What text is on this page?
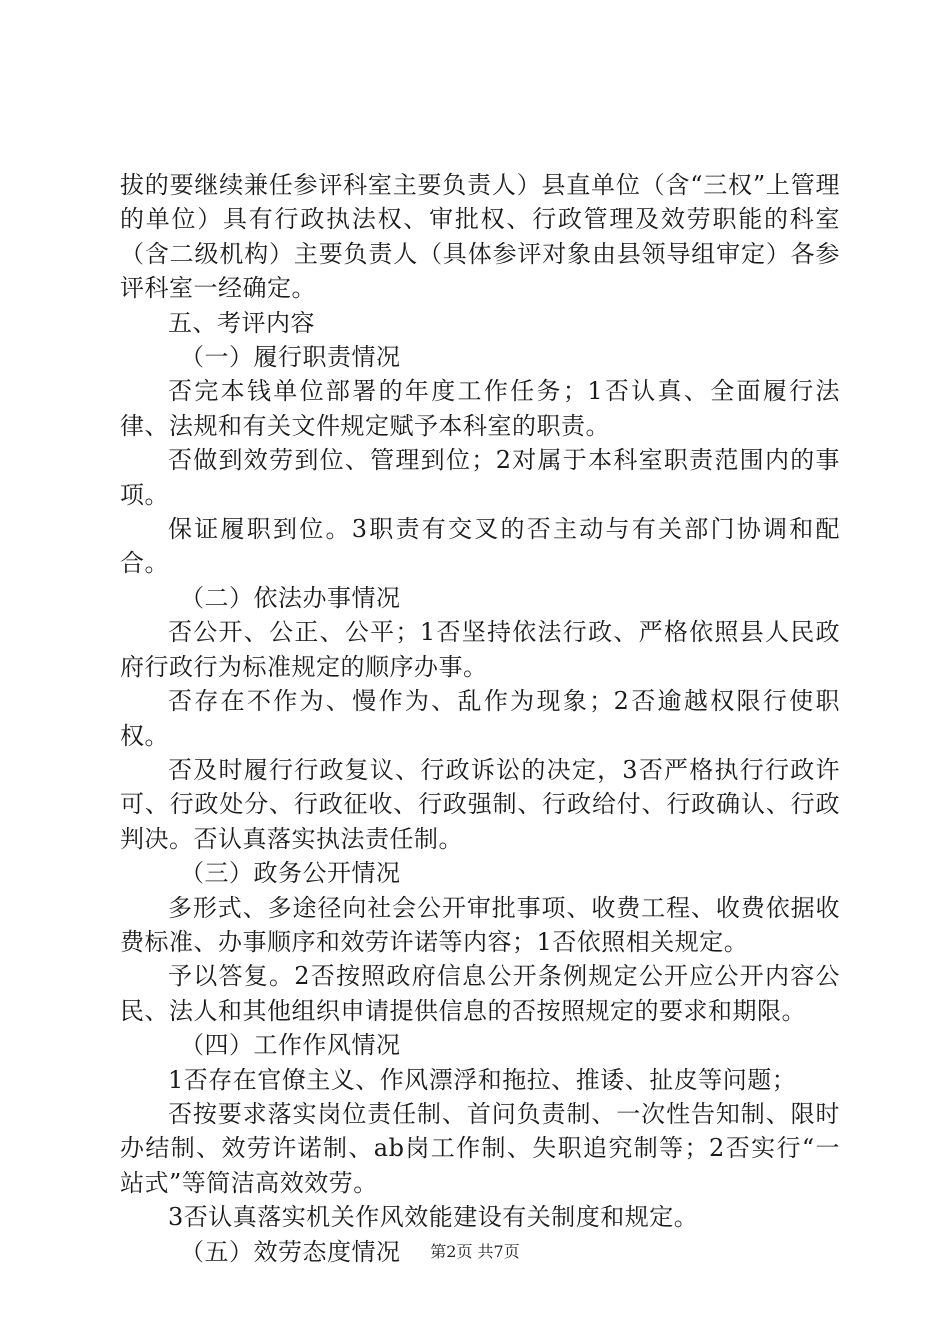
拔的要继续兼任参评科室主要负责人）县直单位（含“三权”上管理的单位）具有行政执法权、审批权、行政管理及效劳职能的科室（含二级机构）主要负责人（具体参评对象由县领导组审定）各参评科室一经确定。

五、考评内容

（一）履行职责情况

否完本钱单位部署的年度工作任务；1否认真、全面履行法律、法规和有关文件规定赋予本科室的职责。

否做到效劳到位、管理到位；2对属于本科室职责范围内的事项。

保证履职到位。3职责有交叉的否主动与有关部门协调和配合。

（二）依法办事情况

否公开、公正、公平；1否坚持依法行政、严格依照县人民政府行政行为标准规定的顺序办事。

否存在不作为、慢作为、乱作为现象；2否逾越权限行使职权。

否及时履行行政复议、行政诉讼的决定，3否严格执行行政许可、行政处分、行政征收、行政强制、行政给付、行政确认、行政判决。否认真落实执法责任制。

（三）政务公开情况

多形式、多途径向社会公开审批事项、收费工程、收费依据收费标准、办事顺序和效劳许诺等内容；1否依照相关规定。

予以答复。2否按照政府信息公开条例规定公开应公开内容公民、法人和其他组织申请提供信息的否按照规定的要求和期限。

（四）工作作风情况

1否存在官僚主义、作风漂浮和拖拉、推诿、扯皮等问题；

否按要求落实岗位责任制、首问负责制、一次性告知制、限时办结制、效劳许诺制、ab岗工作制、失职追究制等；2否实行“一站式”等简洁高效效劳。

3否认真落实机关作风效能建设有关制度和规定。

（五）效劳态度情况	第2页 共7页
